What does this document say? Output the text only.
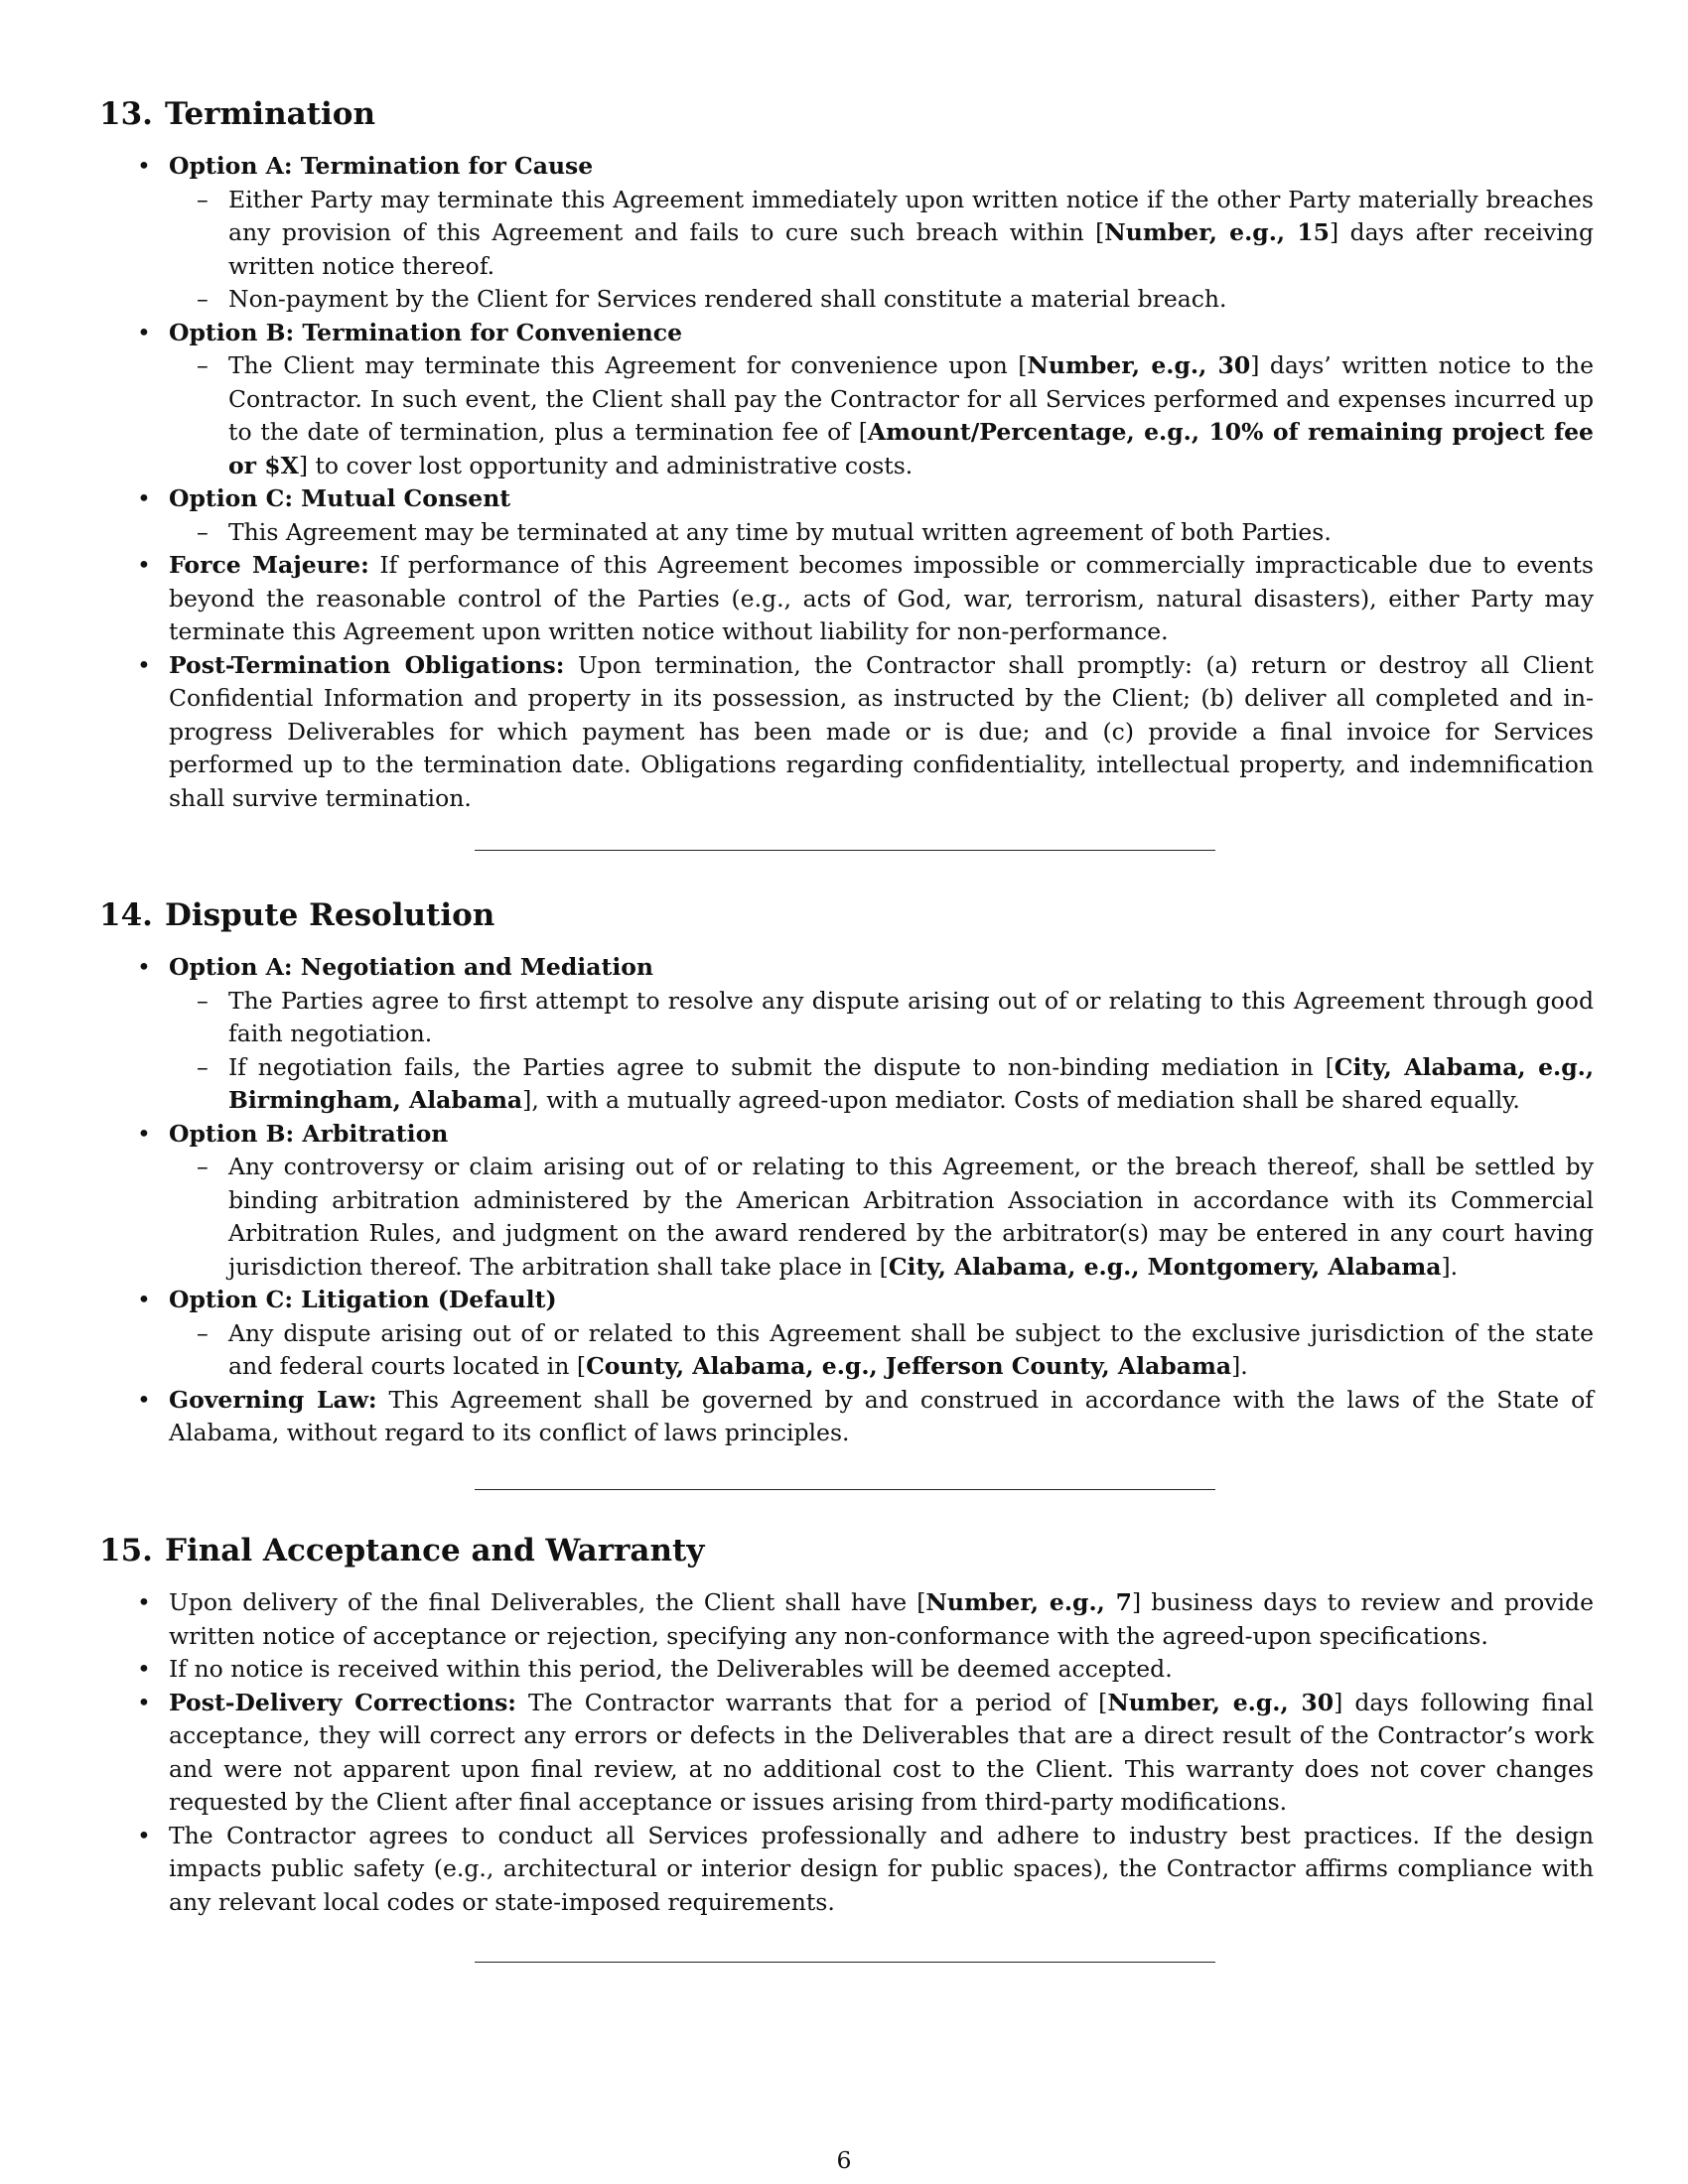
13. Termination
• Option A: Termination for Cause
– Either Party may terminate this Agreement immediately upon written notice if the other Party materially breaches any provision of this Agreement and fails to cure such breach within [Number, e.g., 15] days after receiving written notice thereof.
– Non-payment by the Client for Services rendered shall constitute a material breach.
• Option B: Termination for Convenience
– The Client may terminate this Agreement for convenience upon [Number, e.g., 30] days’ written notice to the Contractor. In such event, the Client shall pay the Contractor for all Services performed and expenses incurred up to the date of termination, plus a termination fee of [Amount/Percentage, e.g., 10% of remaining project fee or $X] to cover lost opportunity and administrative costs.
• Option C: Mutual Consent
– This Agreement may be terminated at any time by mutual written agreement of both Parties.
• Force Majeure: If performance of this Agreement becomes impossible or commercially impracticable due to events beyond the reasonable control of the Parties (e.g., acts of God, war, terrorism, natural disasters), either Party may terminate this Agreement upon written notice without liability for non-performance.
• Post-Termination Obligations: Upon termination, the Contractor shall promptly: (a) return or destroy all Client Confidential Information and property in its possession, as instructed by the Client; (b) deliver all completed and in-progress Deliverables for which payment has been made or is due; and (c) provide a final invoice for Services performed up to the termination date. Obligations regarding confidentiality, intellectual property, and indemnification shall survive termination.
14. Dispute Resolution
• Option A: Negotiation and Mediation
– The Parties agree to first attempt to resolve any dispute arising out of or relating to this Agreement through good faith negotiation.
– If negotiation fails, the Parties agree to submit the dispute to non-binding mediation in [City, Alabama, e.g., Birmingham, Alabama], with a mutually agreed-upon mediator. Costs of mediation shall be shared equally.
• Option B: Arbitration
– Any controversy or claim arising out of or relating to this Agreement, or the breach thereof, shall be settled by binding arbitration administered by the American Arbitration Association in accordance with its Commercial Arbitration Rules, and judgment on the award rendered by the arbitrator(s) may be entered in any court having jurisdiction thereof. The arbitration shall take place in [City, Alabama, e.g., Montgomery, Alabama].
• Option C: Litigation (Default)
– Any dispute arising out of or related to this Agreement shall be subject to the exclusive jurisdiction of the state and federal courts located in [County, Alabama, e.g., Jefferson County, Alabama].
• Governing Law: This Agreement shall be governed by and construed in accordance with the laws of the State of Alabama, without regard to its conflict of laws principles.
15. Final Acceptance and Warranty
• Upon delivery of the final Deliverables, the Client shall have [Number, e.g., 7] business days to review and provide written notice of acceptance or rejection, specifying any non-conformance with the agreed-upon specifications.
• If no notice is received within this period, the Deliverables will be deemed accepted.
• Post-Delivery Corrections: The Contractor warrants that for a period of [Number, e.g., 30] days following final acceptance, they will correct any errors or defects in the Deliverables that are a direct result of the Contractor’s work and were not apparent upon final review, at no additional cost to the Client. This warranty does not cover changes requested by the Client after final acceptance or issues arising from third-party modifications.
• The Contractor agrees to conduct all Services professionally and adhere to industry best practices. If the design impacts public safety (e.g., architectural or interior design for public spaces), the Contractor affirms compliance with any relevant local codes or state-imposed requirements.
6
